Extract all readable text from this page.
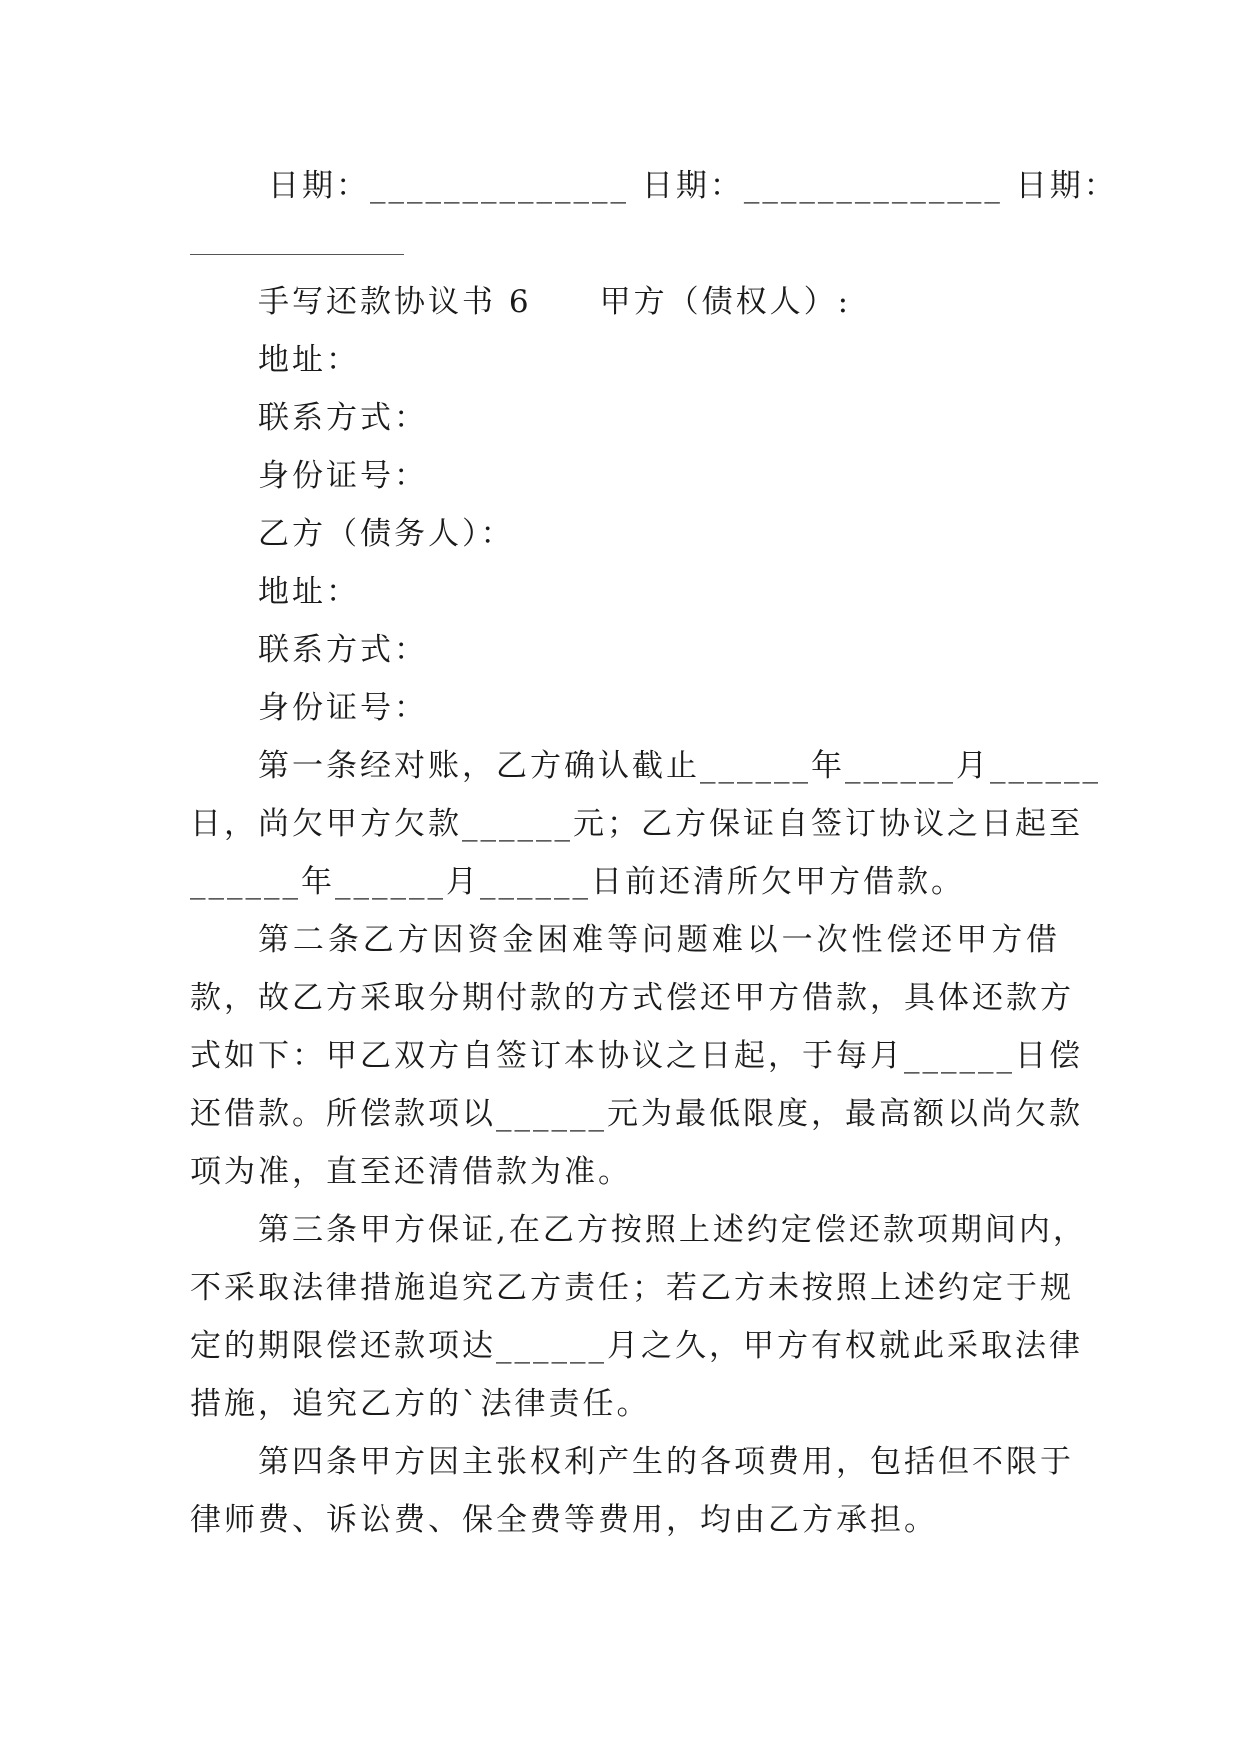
日期：______________ 日期：______________ 日期：
手写还款协议书 6　　甲方（债权人）:
地址：
联系方式：
身份证号：
乙方（债务人）：
地址：
联系方式：
身份证号：
第一条经对账，乙方确认截止______年______月______
日，尚欠甲方欠款______元；乙方保证自签订协议之日起至
______年______月______日前还清所欠甲方借款。
第二条乙方因资金困难等问题难以一次性偿还甲方借
款，故乙方采取分期付款的方式偿还甲方借款，具体还款方
式如下：甲乙双方自签订本协议之日起，于每月______日偿
还借款。所偿款项以______元为最低限度，最高额以尚欠款
项为准，直至还清借款为准。
第三条甲方保证,在乙方按照上述约定偿还款项期间内，
不采取法律措施追究乙方责任；若乙方未按照上述约定于规
定的期限偿还款项达______月之久，甲方有权就此采取法律
措施，追究乙方的`法律责任。
第四条甲方因主张权利产生的各项费用，包括但不限于
律师费、诉讼费、保全费等费用，均由乙方承担。
